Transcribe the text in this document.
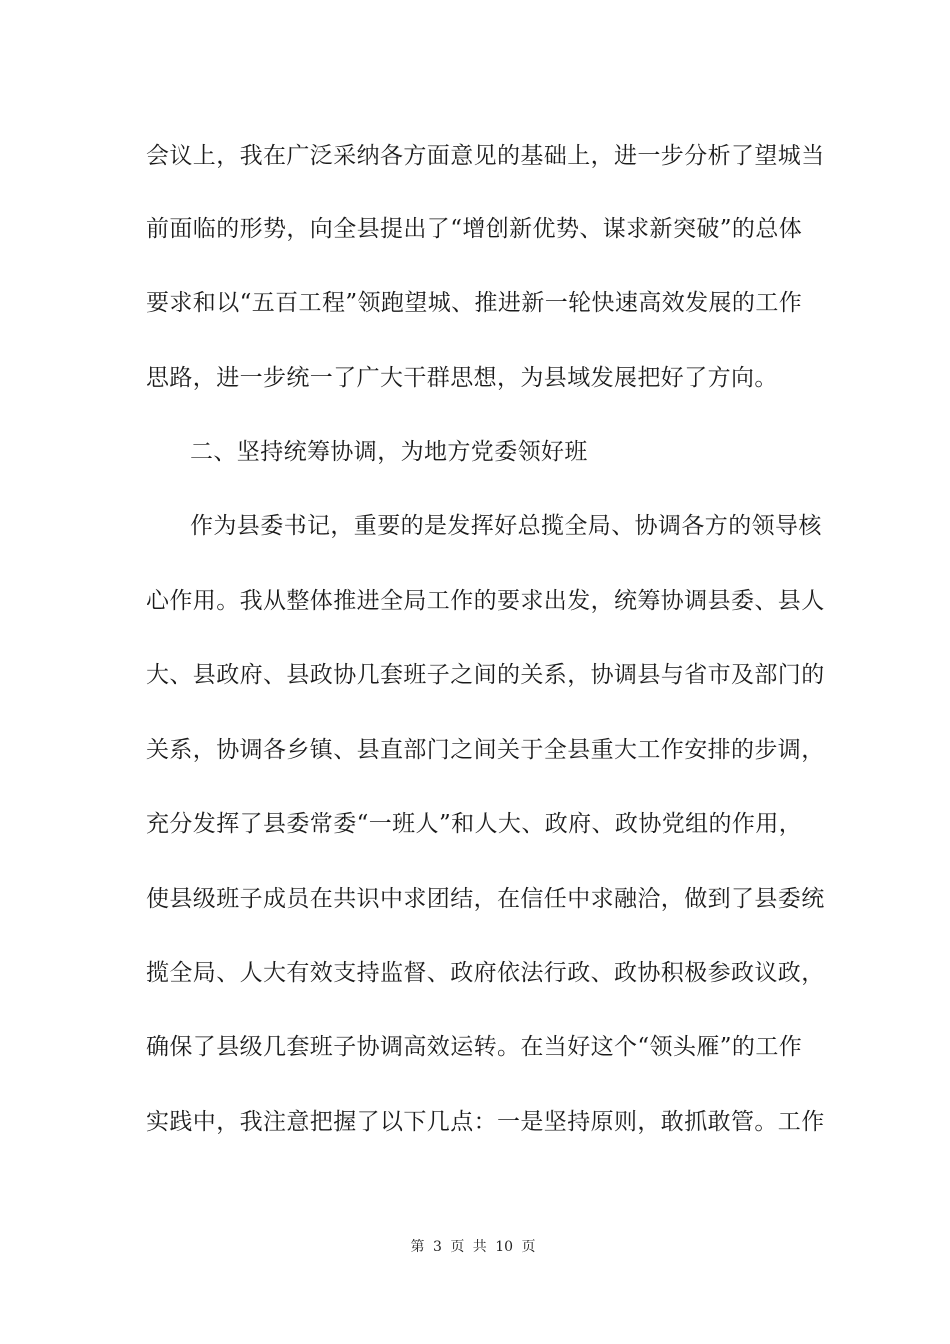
会议上，我在广泛采纳各方面意见的基础上，进一步分析了望城当
前面临的形势，向全县提出了“增创新优势、谋求新突破”的总体
要求和以“五百工程”领跑望城、推进新一轮快速高效发展的工作
思路，进一步统一了广大干群思想，为县域发展把好了方向。
二、坚持统筹协调，为地方党委领好班
作为县委书记，重要的是发挥好总揽全局、协调各方的领导核
心作用。我从整体推进全局工作的要求出发，统筹协调县委、县人
大、县政府、县政协几套班子之间的关系，协调县与省市及部门的
关系，协调各乡镇、县直部门之间关于全县重大工作安排的步调，
充分发挥了县委常委“一班人”和人大、政府、政协党组的作用，
使县级班子成员在共识中求团结，在信任中求融洽，做到了县委统
揽全局、人大有效支持监督、政府依法行政、政协积极参政议政，
确保了县级几套班子协调高效运转。在当好这个“领头雁”的工作
实践中，我注意把握了以下几点：一是坚持原则，敢抓敢管。工作
第 3 页 共 10 页
